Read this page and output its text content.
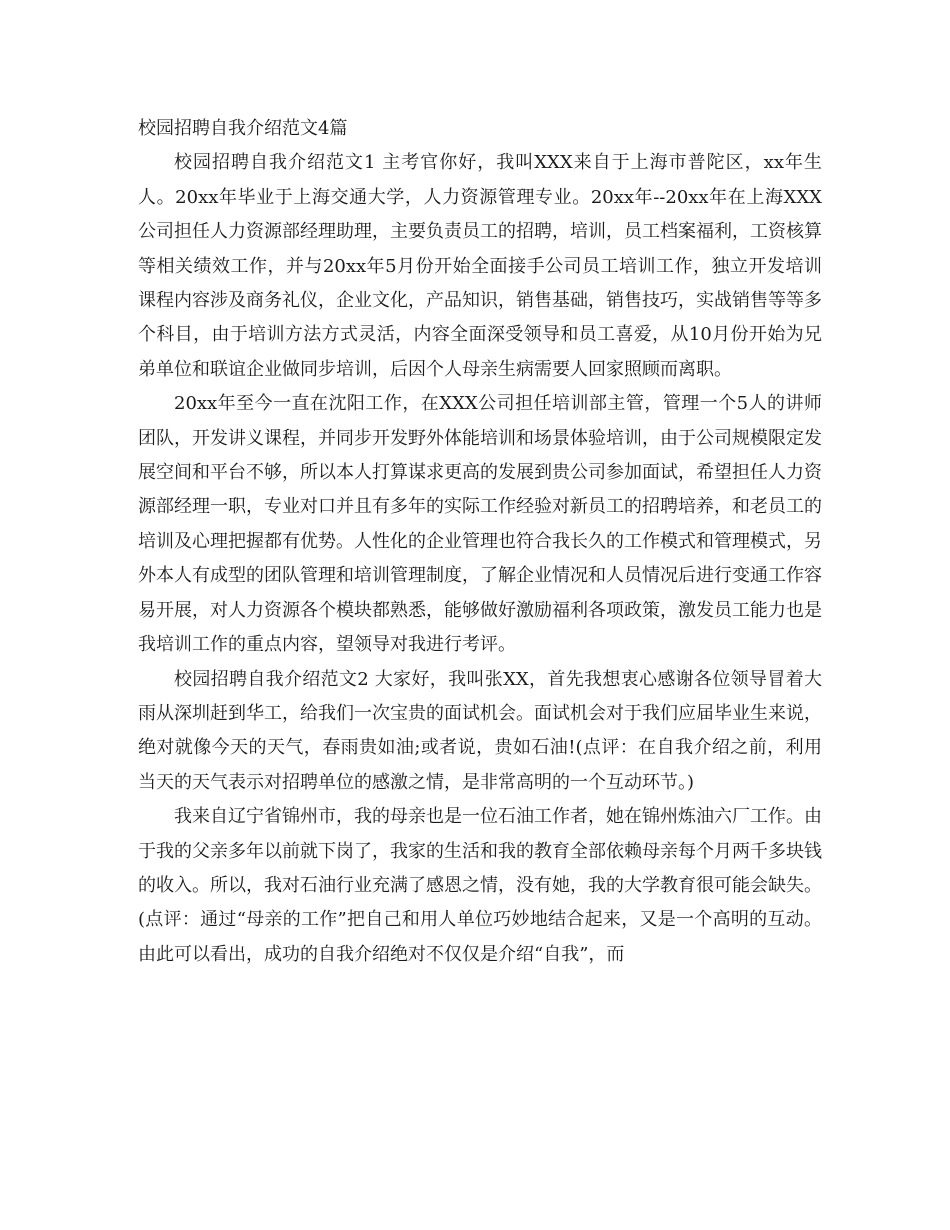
校园招聘自我介绍范文4篇

校园招聘自我介绍范文1 主考官你好，我叫XXX来自于上海市普陀区，xx年生人。20xx年毕业于上海交通大学，人力资源管理专业。20xx年--20xx年在上海XXX公司担任人力资源部经理助理，主要负责员工的招聘，培训，员工档案福利，工资核算等相关绩效工作，并与20xx年5月份开始全面接手公司员工培训工作，独立开发培训课程内容涉及商务礼仪，企业文化，产品知识，销售基础，销售技巧，实战销售等等多个科目，由于培训方法方式灵活，内容全面深受领导和员工喜爱，从10月份开始为兄弟单位和联谊企业做同步培训，后因个人母亲生病需要人回家照顾而离职。

20xx年至今一直在沈阳工作，在XXX公司担任培训部主管，管理一个5人的讲师团队，开发讲义课程，并同步开发野外体能培训和场景体验培训，由于公司规模限定发展空间和平台不够，所以本人打算谋求更高的发展到贵公司参加面试，希望担任人力资源部经理一职，专业对口并且有多年的实际工作经验对新员工的招聘培养，和老员工的培训及心理把握都有优势。人性化的企业管理也符合我长久的工作模式和管理模式，另外本人有成型的团队管理和培训管理制度，了解企业情况和人员情况后进行变通工作容易开展，对人力资源各个模块都熟悉，能够做好激励福利各项政策，激发员工能力也是我培训工作的重点内容，望领导对我进行考评。

校园招聘自我介绍范文2 大家好，我叫张XX，首先我想衷心感谢各位领导冒着大雨从深圳赶到华工，给我们一次宝贵的面试机会。面试机会对于我们应届毕业生来说，绝对就像今天的天气，春雨贵如油;或者说，贵如石油!(点评：在自我介绍之前，利用当天的天气表示对招聘单位的感激之情，是非常高明的一个互动环节。)

我来自辽宁省锦州市，我的母亲也是一位石油工作者，她在锦州炼油六厂工作。由于我的父亲多年以前就下岗了，我家的生活和我的教育全部依赖母亲每个月两千多块钱的收入。所以，我对石油行业充满了感恩之情，没有她，我的大学教育很可能会缺失。(点评：通过“母亲的工作”把自己和用人单位巧妙地结合起来，又是一个高明的互动。由此可以看出，成功的自我介绍绝对不仅仅是介绍“自我”，而
